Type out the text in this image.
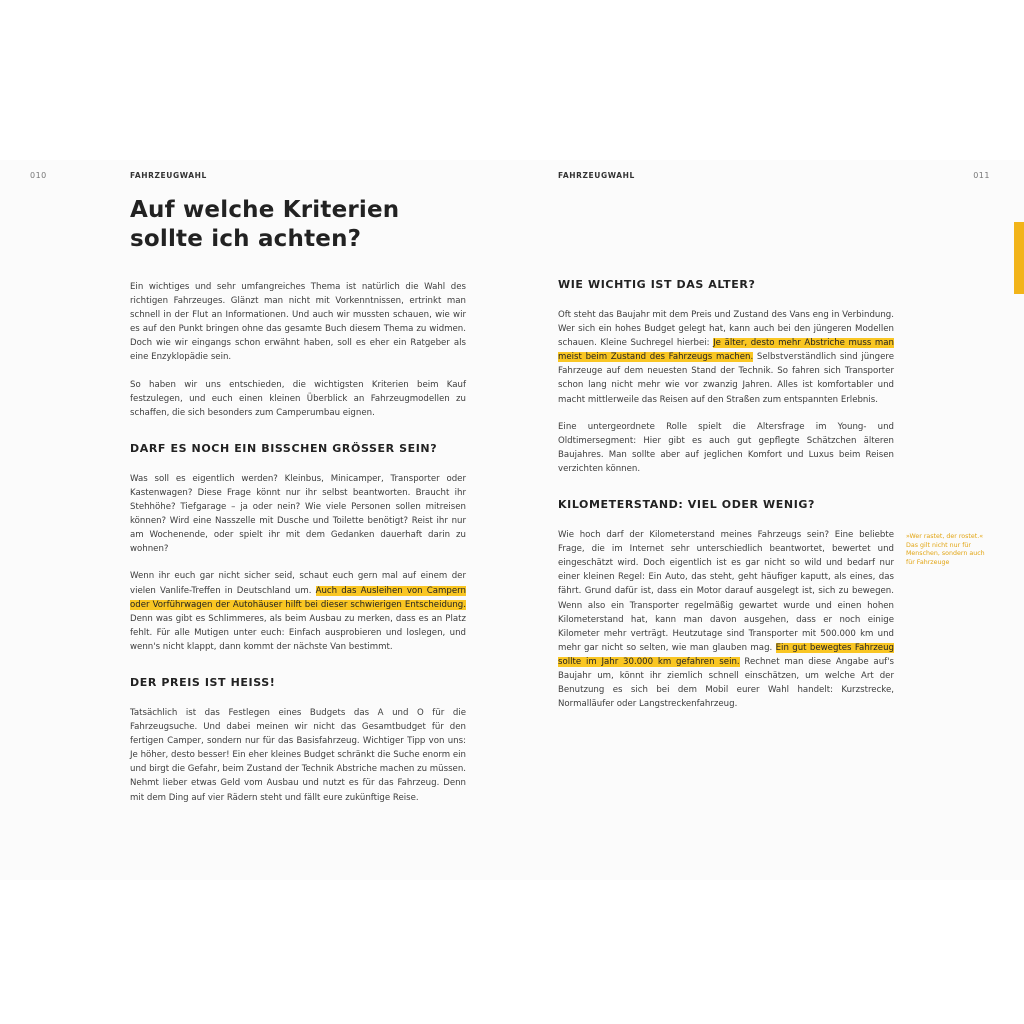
010	FAHRZEUGWAHL	FAHRZEUGWAHL	011
Auf welche Kriterien
sollte ich achten?

Ein wichtiges und sehr umfangreiches Thema ist natürlich die Wahl des richtigen Fahrzeuges. Glänzt man nicht mit Vorkenntnissen, ertrinkt man schnell in der Flut an Informationen. Und auch wir mussten schauen, wie wir es auf den Punkt bringen ohne das gesamte Buch diesem Thema zu widmen. Doch wie wir eingangs schon erwähnt haben, soll es eher ein Ratgeber als eine Enzyklopädie sein.

So haben wir uns entschieden, die wichtigsten Kriterien beim Kauf festzulegen, und euch einen kleinen Überblick an Fahrzeugmodellen zu schaffen, die sich besonders zum Camperumbau eignen.

DARF ES NOCH EIN BISSCHEN GRÖSSER SEIN?

Was soll es eigentlich werden? Kleinbus, Minicamper, Transporter oder Kastenwagen? Diese Frage könnt nur ihr selbst beantworten. Braucht ihr Stehhöhe? Tiefgarage – ja oder nein? Wie viele Personen sollen mitreisen können? Wird eine Nasszelle mit Dusche und Toilette benötigt? Reist ihr nur am Wochenende, oder spielt ihr mit dem Gedanken dauerhaft darin zu wohnen?

Wenn ihr euch gar nicht sicher seid, schaut euch gern mal auf einem der vielen Vanlife-Treffen in Deutschland um. Auch das Ausleihen von Campern oder Vorführwagen der Autohäuser hilft bei dieser schwierigen Entscheidung. Denn was gibt es Schlimmeres, als beim Ausbau zu merken, dass es an Platz fehlt. Für alle Mutigen unter euch: Einfach ausprobieren und loslegen, und wenn's nicht klappt, dann kommt der nächste Van bestimmt.

DER PREIS IST HEISS!

Tatsächlich ist das Festlegen eines Budgets das A und O für die Fahrzeugsuche. Und dabei meinen wir nicht das Gesamtbudget für den fertigen Camper, sondern nur für das Basisfahrzeug. Wichtiger Tipp von uns: Je höher, desto besser! Ein eher kleines Budget schränkt die Suche enorm ein und birgt die Gefahr, beim Zustand der Technik Abstriche machen zu müssen. Nehmt lieber etwas Geld vom Ausbau und nutzt es für das Fahrzeug. Denn mit dem Ding auf vier Rädern steht und fällt eure zukünftige Reise.

WIE WICHTIG IST DAS ALTER?

Oft steht das Baujahr mit dem Preis und Zustand des Vans eng in Verbindung. Wer sich ein hohes Budget gelegt hat, kann auch bei den jüngeren Modellen schauen. Kleine Suchregel hierbei: Je älter, desto mehr Abstriche muss man meist beim Zustand des Fahrzeugs machen. Selbstverständlich sind jüngere Fahrzeuge auf dem neuesten Stand der Technik. So fahren sich Transporter schon lang nicht mehr wie vor zwanzig Jahren. Alles ist komfortabler und macht mittlerweile das Reisen auf den Straßen zum entspannten Erlebnis.

Eine untergeordnete Rolle spielt die Altersfrage im Young- und Oldtimersegment: Hier gibt es auch gut gepflegte Schätzchen älteren Baujahres. Man sollte aber auf jeglichen Komfort und Luxus beim Reisen verzichten können.

KILOMETERSTAND: VIEL ODER WENIG?

Wie hoch darf der Kilometerstand meines Fahrzeugs sein? Eine beliebte Frage, die im Internet sehr unterschiedlich beantwortet, bewertet und eingeschätzt wird. Doch eigentlich ist es gar nicht so wild und bedarf nur einer kleinen Regel: Ein Auto, das steht, geht häufiger kaputt, als eines, das fährt. Grund dafür ist, dass ein Motor darauf ausgelegt ist, sich zu bewegen. Wenn also ein Transporter regelmäßig gewartet wurde und einen hohen Kilometerstand hat, kann man davon ausgehen, dass er noch einige Kilometer mehr verträgt. Heutzutage sind Transporter mit 500.000 km und mehr gar nicht so selten, wie man glauben mag. Ein gut bewegtes Fahrzeug sollte im Jahr 30.000 km gefahren sein. Rechnet man diese Angabe auf's Baujahr um, könnt ihr ziemlich schnell einschätzen, um welche Art der Benutzung es sich bei dem Mobil eurer Wahl handelt: Kurzstrecke, Normalläufer oder Langstreckenfahrzeug.

»Wer rastet, der rostet.« Das gilt nicht nur für Menschen, sondern auch für Fahrzeuge
